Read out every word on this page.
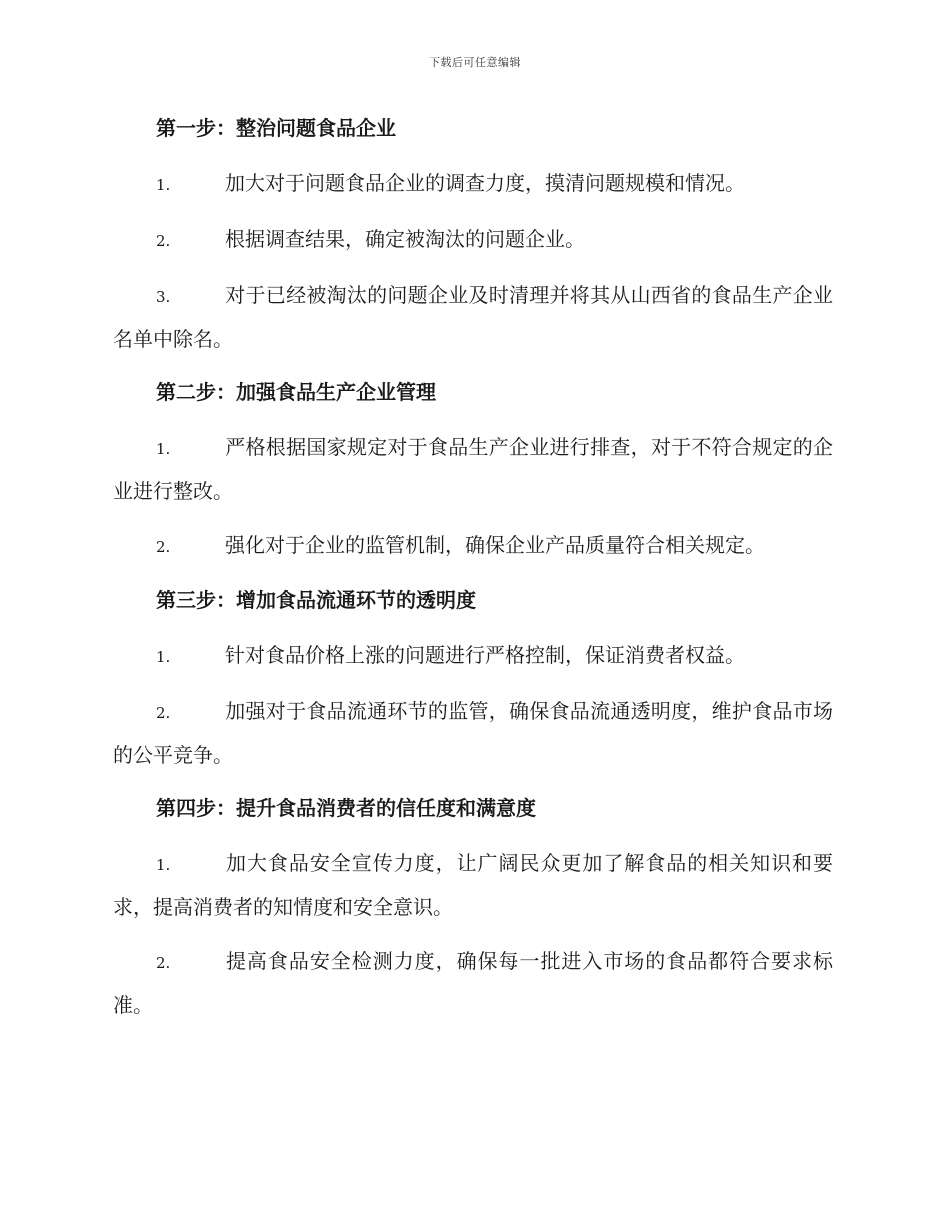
下载后可任意编辑
第一步：整治问题食品企业
1.	加大对于问题食品企业的调查力度，摸清问题规模和情况。
2.	根据调查结果，确定被淘汰的问题企业。
3.	对于已经被淘汰的问题企业及时清理并将其从山西省的食品生产企业名单中除名。
第二步：加强食品生产企业管理
1.	严格根据国家规定对于食品生产企业进行排查，对于不符合规定的企业进行整改。
2.	强化对于企业的监管机制，确保企业产品质量符合相关规定。
第三步：增加食品流通环节的透明度
1.	针对食品价格上涨的问题进行严格控制，保证消费者权益。
2.	加强对于食品流通环节的监管，确保食品流通透明度，维护食品市场的公平竞争。
第四步：提升食品消费者的信任度和满意度
1.	加大食品安全宣传力度，让广阔民众更加了解食品的相关知识和要求，提高消费者的知情度和安全意识。
2.	提高食品安全检测力度，确保每一批进入市场的食品都符合要求标准。
